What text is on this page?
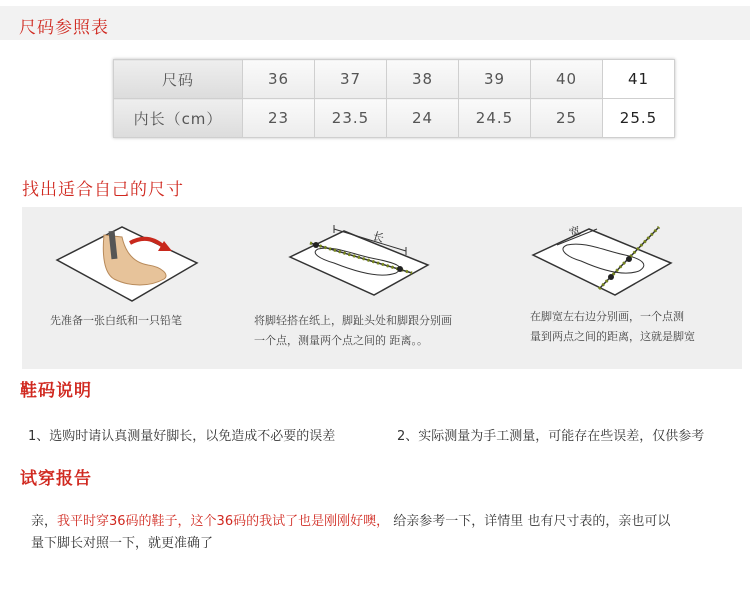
尺码参照表
尺码	36	37	38	39	40	41
内长（cm）	23	23.5	24	24.5	25	25.5
找出适合自己的尺寸
长	宽
先准备一张白纸和一只铅笔	将脚轻搭在纸上，脚趾头处和脚跟分别画
一个点，测量两个点之间的 距离。。
在脚宽左右边分别画，一个点测
量到两点之间的距离，这就是脚宽
鞋码说明
1、选购时请认真测量好脚长，以免造成不必要的误差	2、实际测量为手工测量，可能存在些误差，仅供参考
试穿报告
亲，我平时穿36码的鞋子，这个36码的我试了也是刚刚好噢， 给亲参考一下，详情里 也有尺寸表的，亲也可以
量下脚长对照一下，就更准确了
